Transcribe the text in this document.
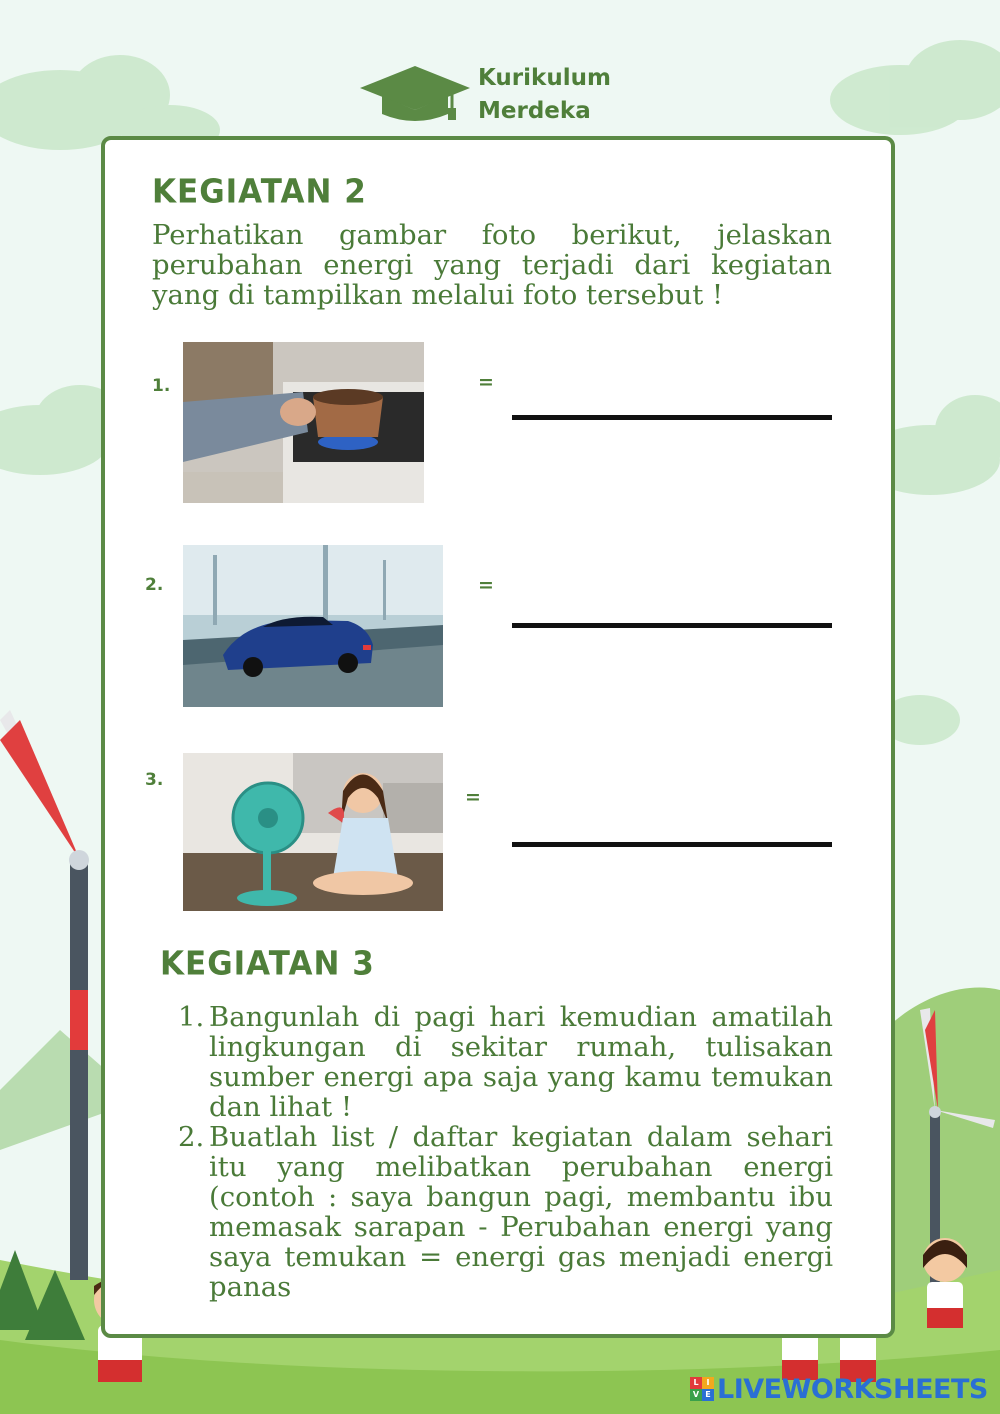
Kurikulum
Merdeka
KEGIATAN 2
Perhatikan gambar foto berikut, jelaskan perubahan energi yang terjadi dari kegiatan yang di tampilkan melalui foto tersebut !
1.	=
2.	=
3.
=
KEGIATAN 3
1. Bangunlah di pagi hari kemudian amatilah lingkungan di sekitar rumah, tulisakan sumber energi apa saja yang kamu temukan dan lihat !
2. Buatlah list / daftar kegiatan dalam sehari itu yang melibatkan perubahan energi (contoh : saya bangun pagi, membantu ibu memasak sarapan - Perubahan energi yang saya temukan = energi gas menjadi energi panas
L I
V E LIVEWORKSHEETS
